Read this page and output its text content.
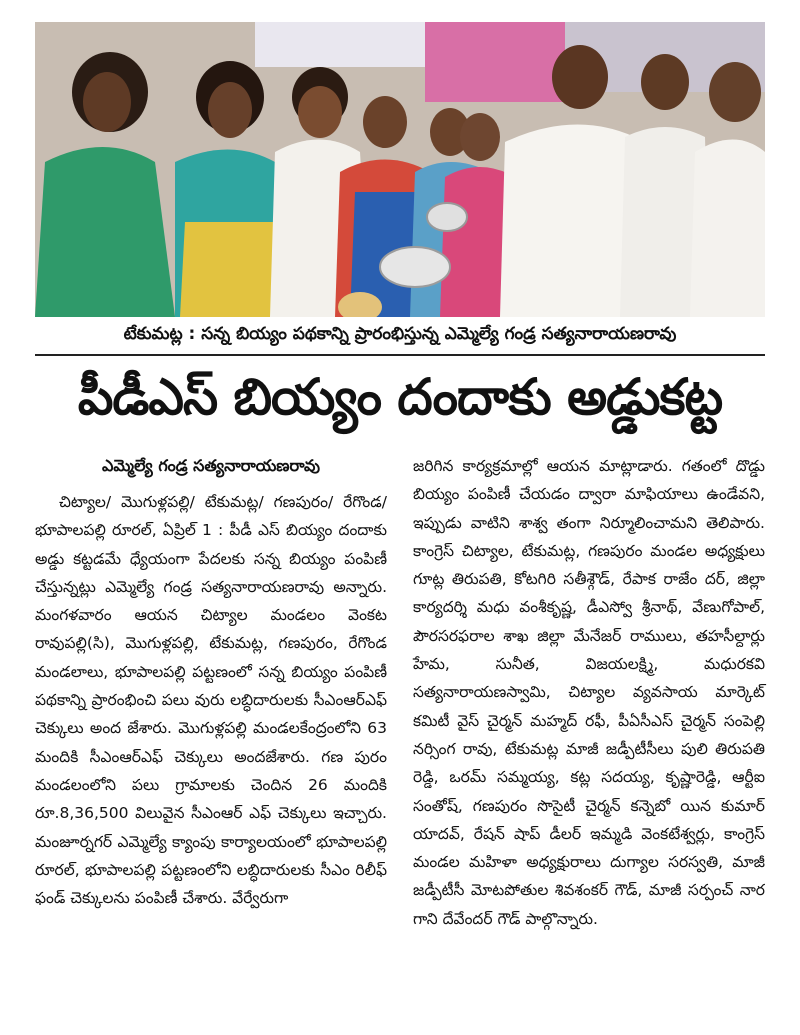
టేకుమట్ల : సన్న బియ్యం పథకాన్ని ప్రారంభిస్తున్న ఎమ్మెల్యే గండ్ర సత్యనారాయణరావు
పీడీఎస్ బియ్యం దందాకు అడ్డుకట్ట
ఎమ్మెల్యే గండ్ర సత్యనారాయణరావు

చిట్యాల/ మొగుళ్లపల్లి/ టేకుమట్ల/ గణపురం/ రేగొండ/ భూపాలపల్లి రూరల్, ఏప్రిల్ 1 : పీడీ ఎస్ బియ్యం దందాకు అడ్డు కట్టడమే ధ్యేయంగా పేదలకు సన్న బియ్యం పంపిణీ చేస్తున్నట్లు ఎమ్మెల్యే గండ్ర సత్యనారాయణరావు అన్నారు. మంగళవారం ఆయన చిట్యాల మండలం వెంకట రావుపల్లి(సి), మొగుళ్లపల్లి, టేకుమట్ల, గణపురం, రేగొండ మండలాలు, భూపాలపల్లి పట్టణంలో సన్న బియ్యం పంపిణీ పథకాన్ని ప్రారంభించి పలు వురు లబ్ధిదారులకు సీఎంఆర్ఎఫ్ చెక్కులు అంద జేశారు. మొగుళ్లపల్లి మండలకేంద్రంలోని 63 మందికి సీఎంఆర్ఎఫ్ చెక్కులు అందజేశారు. గణ పురం మండలంలోని పలు గ్రామాలకు చెందిన 26 మందికి రూ.8,36,500 విలువైన సీఎంఆర్ ఎఫ్ చెక్కులు ఇచ్చారు. మంజూర్నగర్ ఎమ్మెల్యే క్యాంపు కార్యాలయంలో భూపాలపల్లి రూరల్, భూపాలపల్లి పట్టణంలోని లబ్ధిదారులకు సీఎం రిలీఫ్ ఫండ్ చెక్కులను పంపిణీ చేశారు. వేర్వేరుగా

జరిగిన కార్యక్రమాల్లో ఆయన మాట్లాడారు. గతంలో దొడ్డు బియ్యం పంపిణీ చేయడం ద్వారా మాఫియాలు ఉండేవని, ఇప్పుడు వాటిని శాశ్వ తంగా నిర్మూలించామని తెలిపారు. కాంగ్రెస్ చిట్యాల, టేకుమట్ల, గణపురం మండల అధ్యక్షులు గూట్ల తిరుపతి, కోటగిరి సతీశ్గౌడ్, రేపాక రాజేం దర్, జిల్లా కార్యదర్శి మధు వంశీకృష్ణ, డీఎస్వో శ్రీనాథ్, వేణుగోపాల్, పౌరసరఫరాల శాఖ జిల్లా మేనేజర్ రాములు, తహసీల్దార్లు హేమ, సునీత, విజయలక్ష్మి, మధురకవి సత్యనారాయణస్వామి, చిట్యాల వ్యవసాయ మార్కెట్ కమిటీ వైస్ చైర్మన్ మహ్మద్ రఫీ, పీఏసీఎస్ చైర్మన్ సంపెల్లి నర్సింగ రావు, టేకుమట్ల మాజీ జడ్పీటీసీలు పులి తిరుపతి రెడ్డి, ఒరమ్ సమ్మయ్య, కట్ల సదయ్య, కృష్ణారెడ్డి, ఆర్టీఐ సంతోష్, గణపురం సొసైటీ చైర్మన్ కన్నెబో యిన కుమార్ యాదవ్, రేషన్ షాప్ డీలర్ ఇమ్మడి వెంకటేశ్వర్లు, కాంగ్రెస్ మండల మహిళా అధ్యక్షురాలు దుగ్యాల సరస్వతి, మాజీ జడ్పీటీసీ మోటపోతుల శివశంకర్ గౌడ్, మాజీ సర్పంచ్ నార గాని దేవేందర్ గౌడ్ పాల్గొన్నారు.
